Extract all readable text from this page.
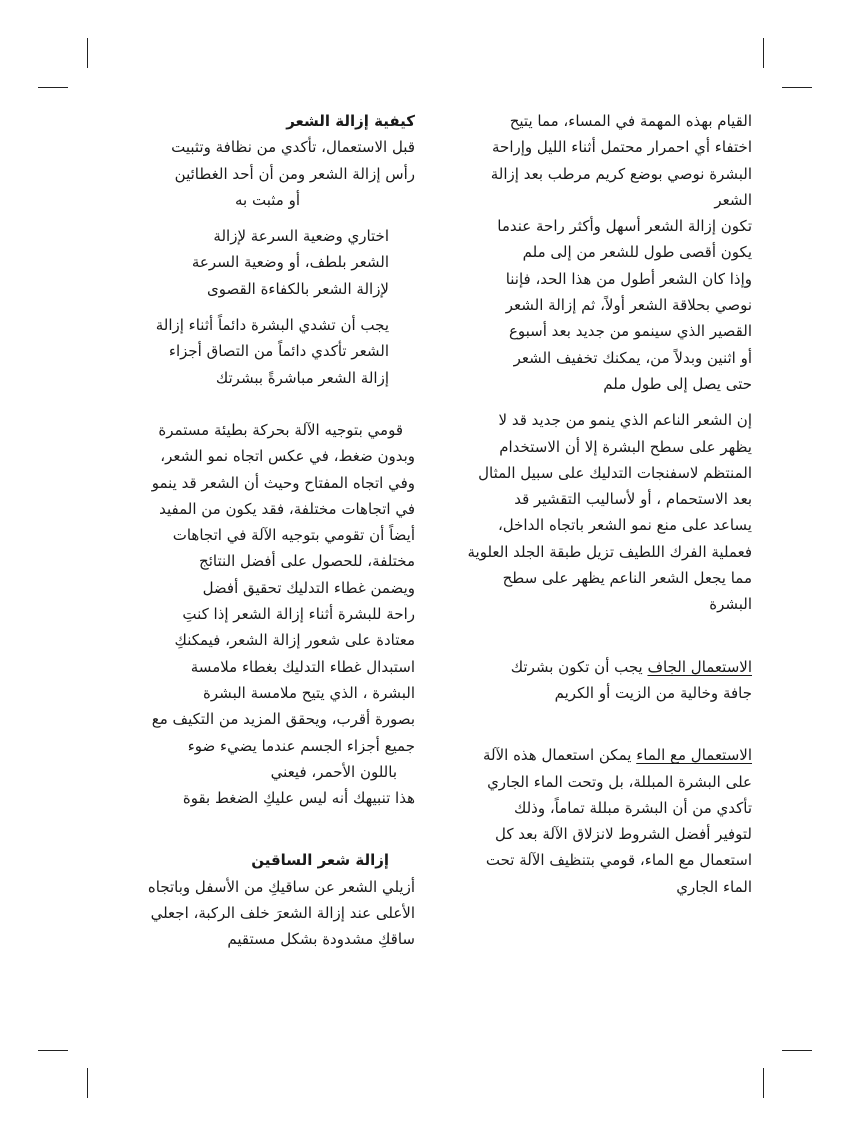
القيام بهذه المهمة في المساء، مما يتيح
اختفاء أي احمرار محتمل أثناء الليل وإراحة
البشرة نوصي بوضع كريم مرطب بعد إزالة
الشعر
تكون إزالة الشعر أسهل وأكثر راحة عندما
يكون أقصى طول للشعر من إلى ملم
وإذا كان الشعر أطول من هذا الحد، فإننا
نوصي بحلاقة الشعر أولاً، ثم إزالة الشعر
القصير الذي سينمو من جديد بعد أسبوع
أو اثنين وبدلاً من، يمكنك تخفيف الشعر
حتى يصل إلى طول ملم
إن الشعر الناعم الذي ينمو من جديد قد لا
يظهر على سطح البشرة إلا أن الاستخدام
المنتظم لاسفنجات التدليك على سبيل المثال
بعد الاستحمام ، أو لأساليب التقشير قد
يساعد على منع نمو الشعر باتجاه الداخل،
فعملية الفرك اللطيف تزيل طبقة الجلد العلوية
مما يجعل الشعر الناعم يظهر على سطح
البشرة
الاستعمال الجاف يجب أن تكون بشرتك
جافة وخالية من الزيت أو الكريم
الاستعمال مع الماء يمكن استعمال هذه الآلة
على البشرة المبللة، بل وتحت الماء الجاري
تأكدي من أن البشرة مبللة تماماً، وذلك
لتوفير أفضل الشروط لانزلاق الآلة بعد كل
استعمال مع الماء، قومي بتنظيف الآلة تحت
الماء الجاري
كيفية إزالة الشعر
قبل الاستعمال، تأكدي من نظافة وتثبيت
رأس إزالة الشعر ومن أن أحد الغطائين
أو مثبت به
اختاري وضعية السرعة لإزالة
الشعر بلطف، أو وضعية السرعة
لإزالة الشعر بالكفاءة القصوى
يجب أن تشدي البشرة دائماً أثناء إزالة
الشعر تأكدي دائماً من التصاق أجزاء
إزالة الشعر مباشرةً ببشرتك
قومي بتوجيه الآلة بحركة بطيئة مستمرة
وبدون ضغط، في عكس اتجاه نمو الشعر،
وفي اتجاه المفتاح وحيث أن الشعر قد ينمو
في اتجاهات مختلفة، فقد يكون من المفيد
أيضاً أن تقومي بتوجيه الآلة في اتجاهات
مختلفة، للحصول على أفضل النتائج
ويضمن غطاء التدليك تحقيق أفضل
راحة للبشرة أثناء إزالة الشعر إذا كنتِ
معتادة على شعور إزالة الشعر، فيمكنكِ
استبدال غطاء التدليك بغطاء ملامسة
البشرة ، الذي يتيح ملامسة البشرة
بصورة أقرب، ويحقق المزيد من التكيف مع
جميع أجزاء الجسم عندما يضيء ضوء
باللون الأحمر، فيعني
هذا تنبيهك أنه ليس عليكِ الضغط بقوة
إزالة شعر الساقين
أزيلي الشعر عن ساقيكِ من الأسفل وباتجاه
الأعلى عند إزالة الشعرَ خلف الركبة، اجعلي
ساقكِ مشدودة بشكل مستقيم
